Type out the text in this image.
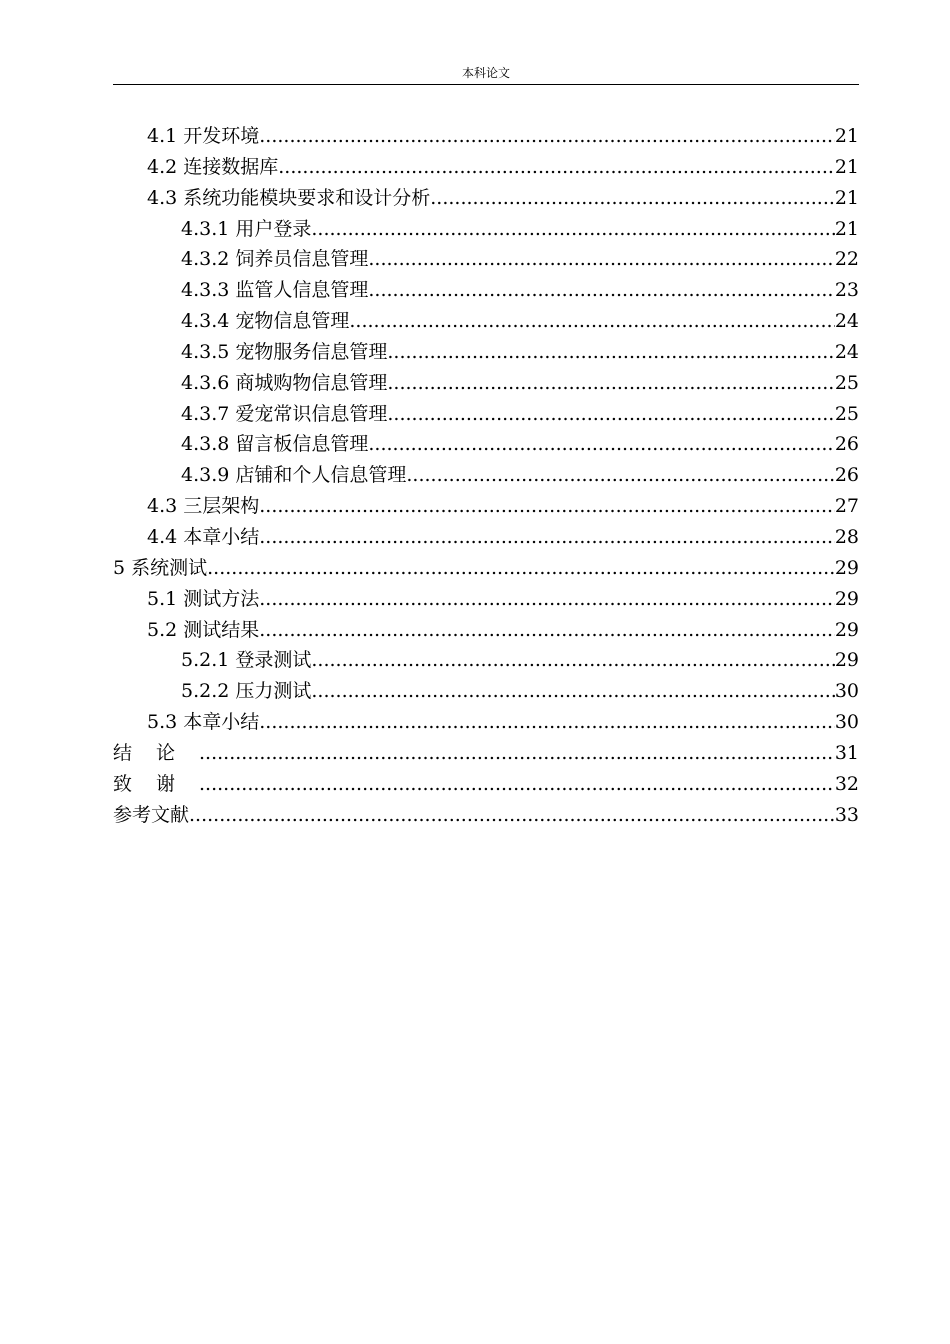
本科论文
4.1 开发环境 .....	21
4.2 连接数据库 .....	21
4.3 系统功能模块要求和设计分析 .....	21
4.3.1 用户登录 .....	21
4.3.2 饲养员信息管理 .....	22
4.3.3 监管人信息管理 .....	23
4.3.4 宠物信息管理 .....	24
4.3.5 宠物服务信息管理 .....	24
4.3.6 商城购物信息管理 .....	25
4.3.7 爱宠常识信息管理 .....	25
4.3.8 留言板信息管理 .....	26
4.3.9 店铺和个人信息管理 .....	26
4.3 三层架构 .....	27
4.4 本章小结 .....	28
5 系统测试 .....	29
5.1 测试方法 .....	29
5.2 测试结果 .....	29
5.2.1 登录测试 .....	29
5.2.2 压力测试 .....	30
5.3 本章小结 .....	30
结论 .....	31
致谢 .....	32
参考文献 .....	33
